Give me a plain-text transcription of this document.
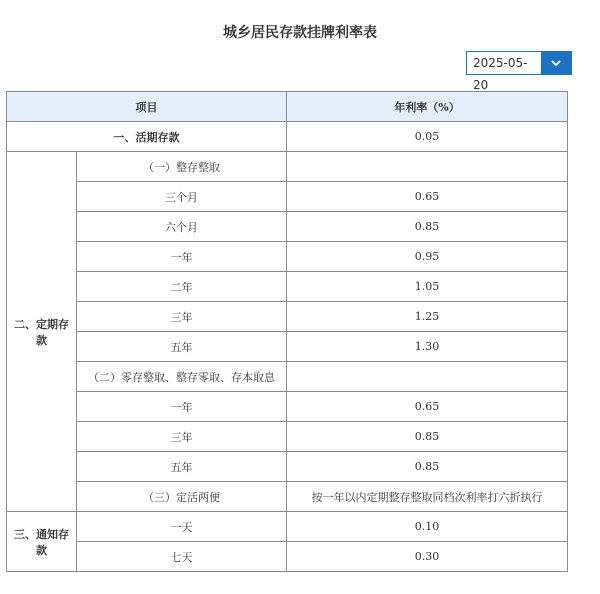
城乡居民存款挂牌利率表
2025-05-20
项目		年利率（%）
一、活期存款		0.05
二、定期存款	（一）整存整取	
	三个月	0.65
	六个月	0.85
	一年	0.95
	二年	1.05
	三年	1.25
	五年	1.30
	（二）零存整取、整存零取、存本取息	
	一年	0.65
	三年	0.85
	五年	0.85
	（三）定活两便	按一年以内定期整存整取同档次利率打六折执行
三、通知存款	一天	0.10
	七天	0.30
